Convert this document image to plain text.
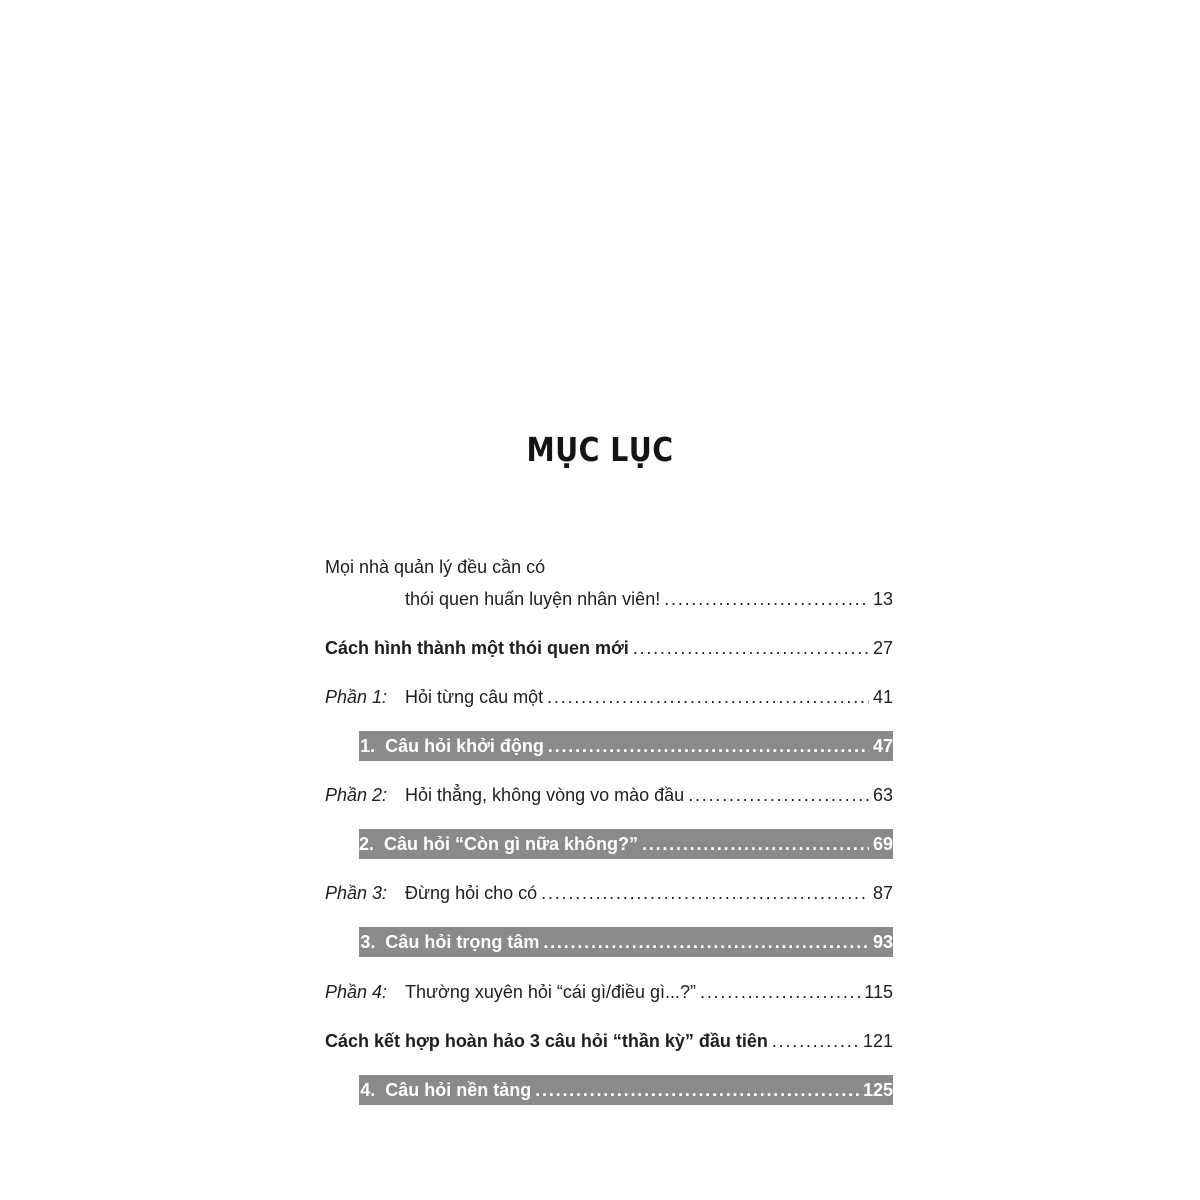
MỤC LỤC
Mọi nhà quản lý đều cần có
thói quen huấn luyện nhân viên! . . .	13
Cách hình thành một thói quen mới . . .	27
Phần 1: Hỏi từng câu một . . .	41
1. Câu hỏi khởi động . . .	47
Phần 2: Hỏi thẳng, không vòng vo mào đầu . . .	63
2. Câu hỏi “Còn gì nữa không?” . . .	69
Phần 3: Đừng hỏi cho có . . .	87
3. Câu hỏi trọng tâm . . .	93
Phần 4: Thường xuyên hỏi “cái gì/điều gì...?” . . .	115
Cách kết hợp hoàn hảo 3 câu hỏi “thần kỳ” đầu tiên . . .	121
4. Câu hỏi nền tảng . . .	125
